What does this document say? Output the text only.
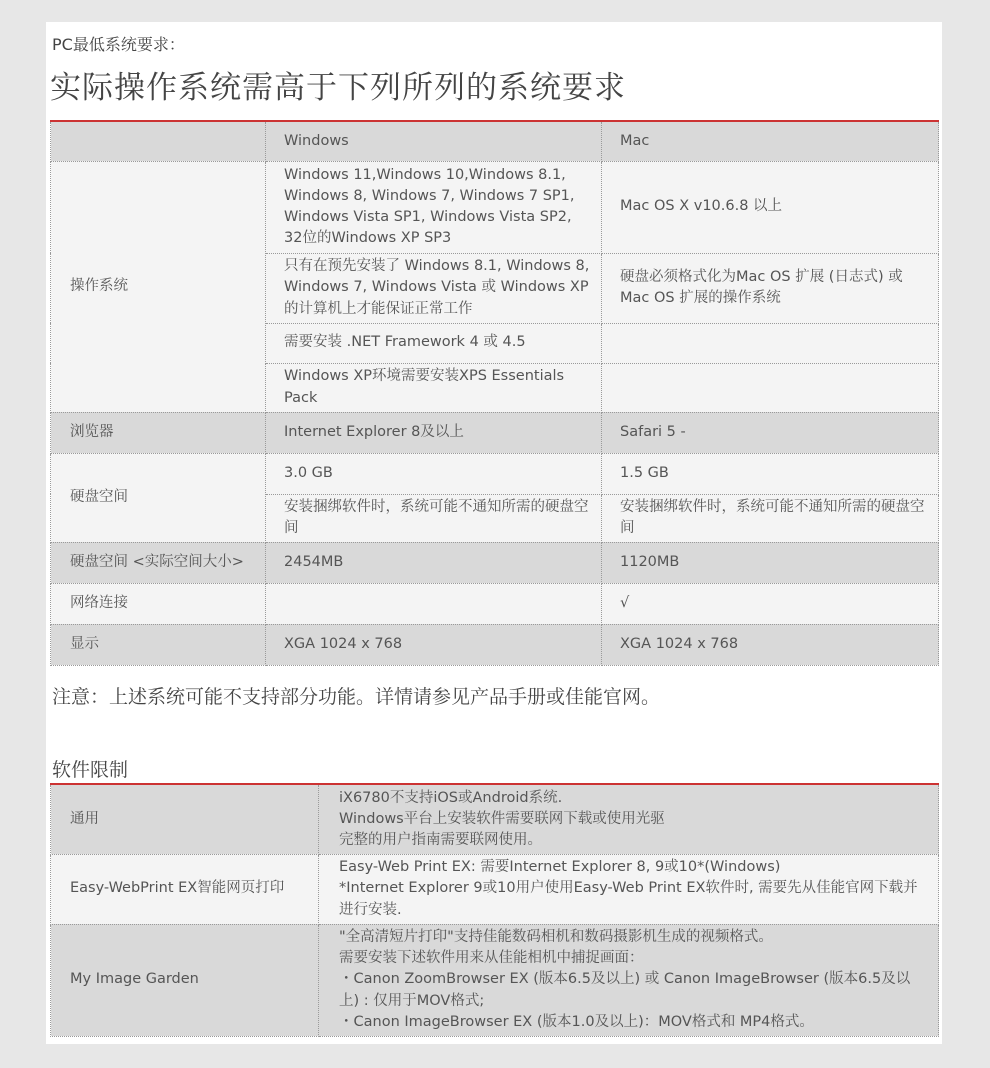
PC最低系统要求：
实际操作系统需高于下列所列的系统要求
	Windows	Mac
操作系统	Windows 11,Windows 10,Windows 8.1, Windows 8, Windows 7, Windows 7 SP1, Windows Vista SP1, Windows Vista SP2, 32位的Windows XP SP3	Mac OS X v10.6.8 以上
	只有在预先安装了 Windows 8.1, Windows 8, Windows 7, Windows Vista 或 Windows XP 的计算机上才能保证正常工作	硬盘必须格式化为Mac OS 扩展 (日志式) 或 Mac OS 扩展的操作系统
	需要安装 .NET Framework 4 或 4.5	
	Windows XP环境需要安装XPS Essentials Pack	
浏览器	Internet Explorer 8及以上	Safari 5 -
硬盘空间	3.0 GB	1.5 GB
	安装捆绑软件时，系统可能不通知所需的硬盘空间	安装捆绑软件时，系统可能不通知所需的硬盘空间
硬盘空间 <实际空间大小>	2454MB	1120MB
网络连接		√
显示	XGA 1024 x 768	XGA 1024 x 768
注意：上述系统可能不支持部分功能。详情请参见产品手册或佳能官网。
软件限制
通用	iX6780不支持iOS或Android系统.
Windows平台上安装软件需要联网下载或使用光驱
完整的用户指南需要联网使用。

Easy-WebPrint EX智能网页打印	Easy-Web Print EX: 需要Internet Explorer 8, 9或10*(Windows)
*Internet Explorer 9或10用户使用Easy-Web Print EX软件时, 需要先从佳能官网下载并进行安装.

My Image Garden	"全高清短片打印"支持佳能数码相机和数码摄影机生成的视频格式。
需要安装下述软件用来从佳能相机中捕捉画面：
・Canon ZoomBrowser EX (版本6.5及以上) 或 Canon ImageBrowser (版本6.5及以上) : 仅用于MOV格式;
・Canon ImageBrowser EX (版本1.0及以上)：MOV格式和 MP4格式。
